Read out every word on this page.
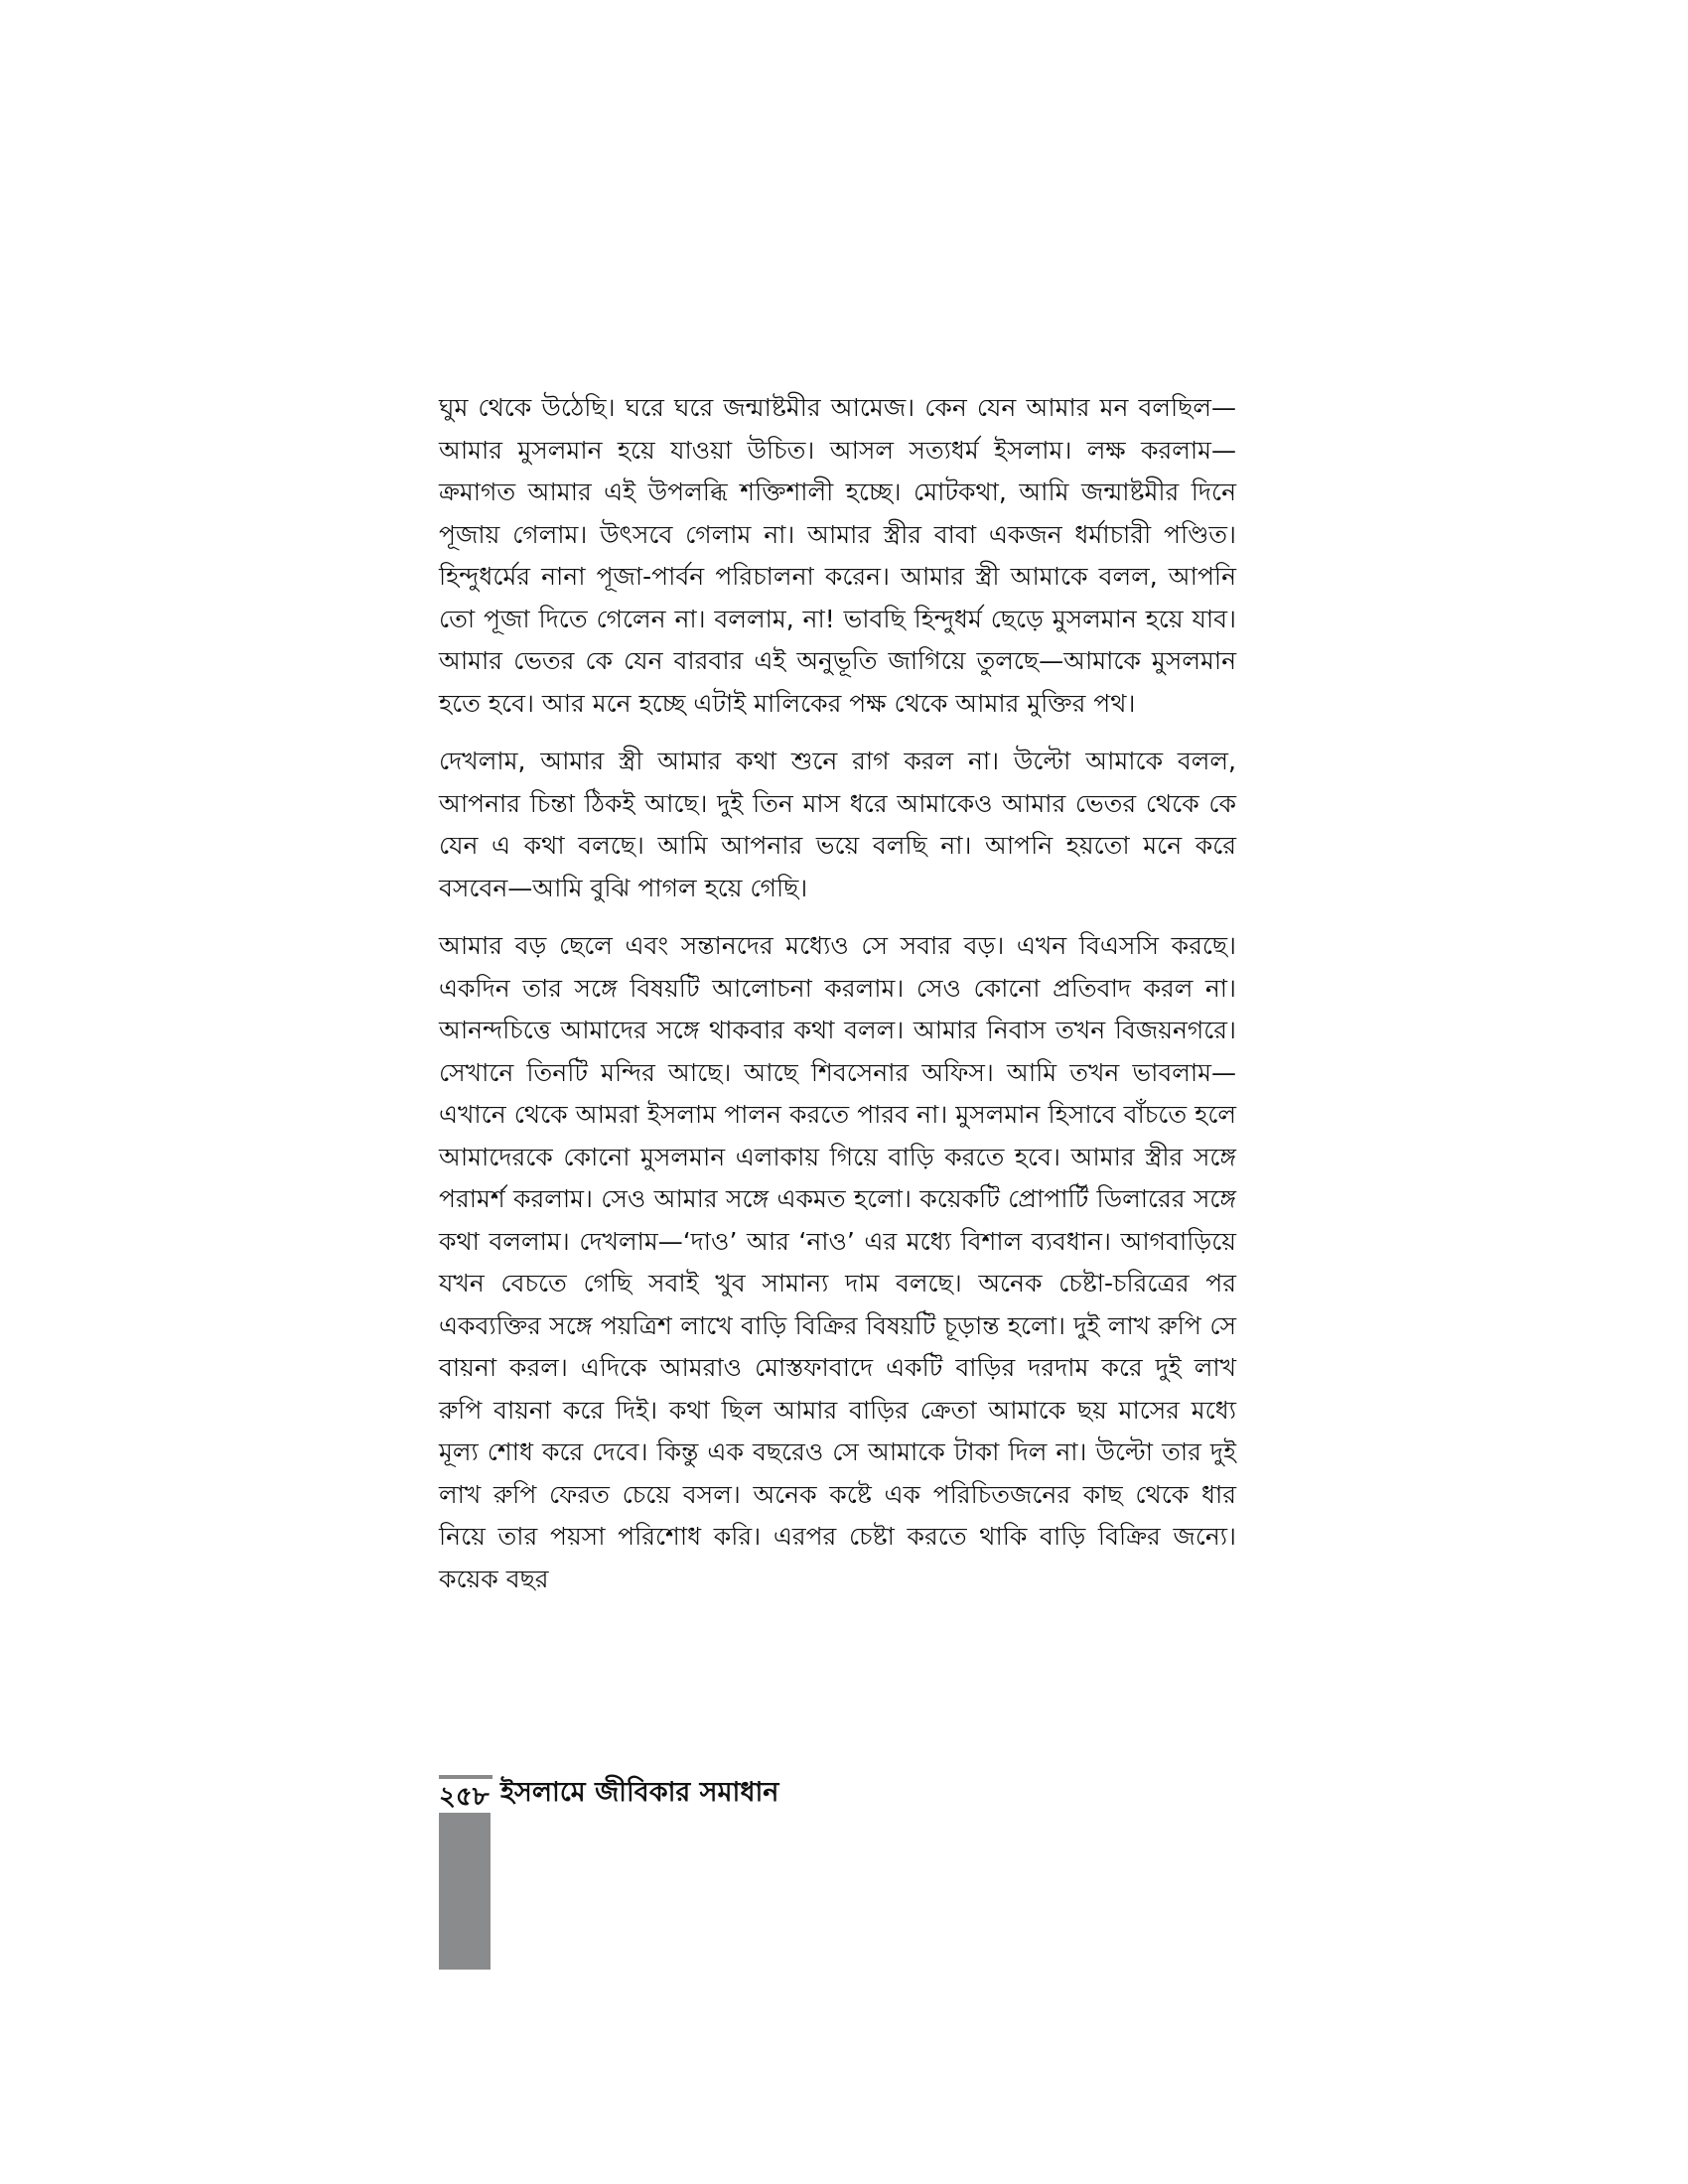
ঘুম থেকে উঠেছি। ঘরে ঘরে জন্মাষ্টমীর আমেজ। কেন যেন আমার মন বলছিল—আমার মুসলমান হয়ে যাওয়া উচিত। আসল সত্যধর্ম ইসলাম। লক্ষ করলাম—ক্রমাগত আমার এই উপলব্ধি শক্তিশালী হচ্ছে। মোটকথা, আমি জন্মাষ্টমীর দিনে পূজায় গেলাম। উৎসবে গেলাম না। আমার স্ত্রীর বাবা একজন ধর্মাচারী পণ্ডিত। হিন্দুধর্মের নানা পূজা-পার্বন পরিচালনা করেন। আমার স্ত্রী আমাকে বলল, আপনি তো পূজা দিতে গেলেন না। বললাম, না! ভাবছি হিন্দুধর্ম ছেড়ে মুসলমান হয়ে যাব। আমার ভেতর কে যেন বারবার এই অনুভূতি জাগিয়ে তুলছে—আমাকে মুসলমান হতে হবে। আর মনে হচ্ছে এটাই মালিকের পক্ষ থেকে আমার মুক্তির পথ।

দেখলাম, আমার স্ত্রী আমার কথা শুনে রাগ করল না। উল্টো আমাকে বলল, আপনার চিন্তা ঠিকই আছে। দুই তিন মাস ধরে আমাকেও আমার ভেতর থেকে কে যেন এ কথা বলছে। আমি আপনার ভয়ে বলছি না। আপনি হয়তো মনে করে বসবেন—আমি বুঝি পাগল হয়ে গেছি।

আমার বড় ছেলে এবং সন্তানদের মধ্যেও সে সবার বড়। এখন বিএসসি করছে। একদিন তার সঙ্গে বিষয়টি আলোচনা করলাম। সেও কোনো প্রতিবাদ করল না। আনন্দচিত্তে আমাদের সঙ্গে থাকবার কথা বলল। আমার নিবাস তখন বিজয়নগরে। সেখানে তিনটি মন্দির আছে। আছে শিবসেনার অফিস। আমি তখন ভাবলাম—এখানে থেকে আমরা ইসলাম পালন করতে পারব না। মুসলমান হিসাবে বাঁচতে হলে আমাদেরকে কোনো মুসলমান এলাকায় গিয়ে বাড়ি করতে হবে। আমার স্ত্রীর সঙ্গে পরামর্শ করলাম। সেও আমার সঙ্গে একমত হলো। কয়েকটি প্রোপার্টি ডিলারের সঙ্গে কথা বললাম। দেখলাম—‘দাও’ আর ‘নাও’ এর মধ্যে বিশাল ব্যবধান। আগবাড়িয়ে যখন বেচতে গেছি সবাই খুব সামান্য দাম বলছে। অনেক চেষ্টা-চরিত্রের পর একব্যক্তির সঙ্গে পয়ত্রিশ লাখে বাড়ি বিক্রির বিষয়টি চূড়ান্ত হলো। দুই লাখ রুপি সে বায়না করল। এদিকে আমরাও মোস্তফাবাদে একটি বাড়ির দরদাম করে দুই লাখ রুপি বায়না করে দিই। কথা ছিল আমার বাড়ির ক্রেতা আমাকে ছয় মাসের মধ্যে মূল্য শোধ করে দেবে। কিন্তু এক বছরেও সে আমাকে টাকা দিল না। উল্টো তার দুই লাখ রুপি ফেরত চেয়ে বসল। অনেক কষ্টে এক পরিচিতজনের কাছ থেকে ধার নিয়ে তার পয়সা পরিশোধ করি। এরপর চেষ্টা করতে থাকি বাড়ি বিক্রির জন্যে। কয়েক বছর

২৫৮ ইসলামে জীবিকার সমাধান
